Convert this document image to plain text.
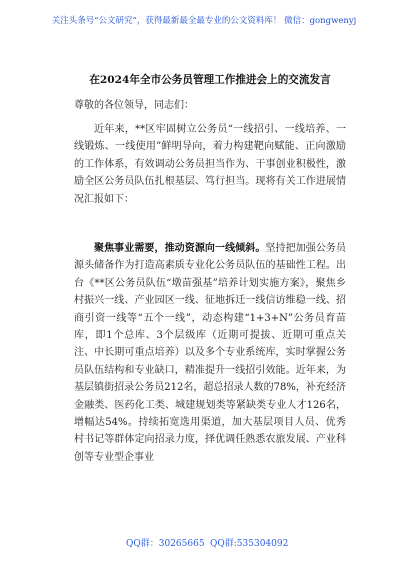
关注头条号“公文研究”，获得最新最全最专业的公文资料库！ 微信：gongwenyj
在2024年全市公务员管理工作推进会上的交流发言
尊敬的各位领导，同志们：
近年来，**区牢固树立公务员“一线招引、一线培养、一线锻炼、一线使用”鲜明导向，着力构建靶向赋能、正向激励的工作体系，有效调动公务员担当作为、干事创业积极性，激励全区公务员队伍扎根基层、笃行担当。现将有关工作进展情况汇报如下：
聚焦事业需要，推动资源向一线倾斜。坚持把加强公务员源头储备作为打造高素质专业化公务员队伍的基础性工程。出台《**区公务员队伍“墩苗强基”培养计划实施方案》，聚焦乡村振兴一线、产业园区一线、征地拆迁一线信访维稳一线、招商引资一线等“五个一线”，动态构建“1+3+N”公务员育苗库，即1个总库、3个层级库（近期可提拔、近期可重点关注、中长期可重点培养）以及多个专业系统库，实时掌握公务员队伍结构和专业缺口，精准提升一线招引效能。近年来，为基层镇街招录公务员212名，超总招录人数的78%，补充经济金融类、医药化工类、城建规划类等紧缺类专业人才126名，增幅达54%。持续拓宽选用渠道，加大基层项目人员、优秀村书记等群体定向招录力度，择优调任熟悉农旅发展、产业科创等专业型企事业
QQ群：30265665 QQ群:535304092
